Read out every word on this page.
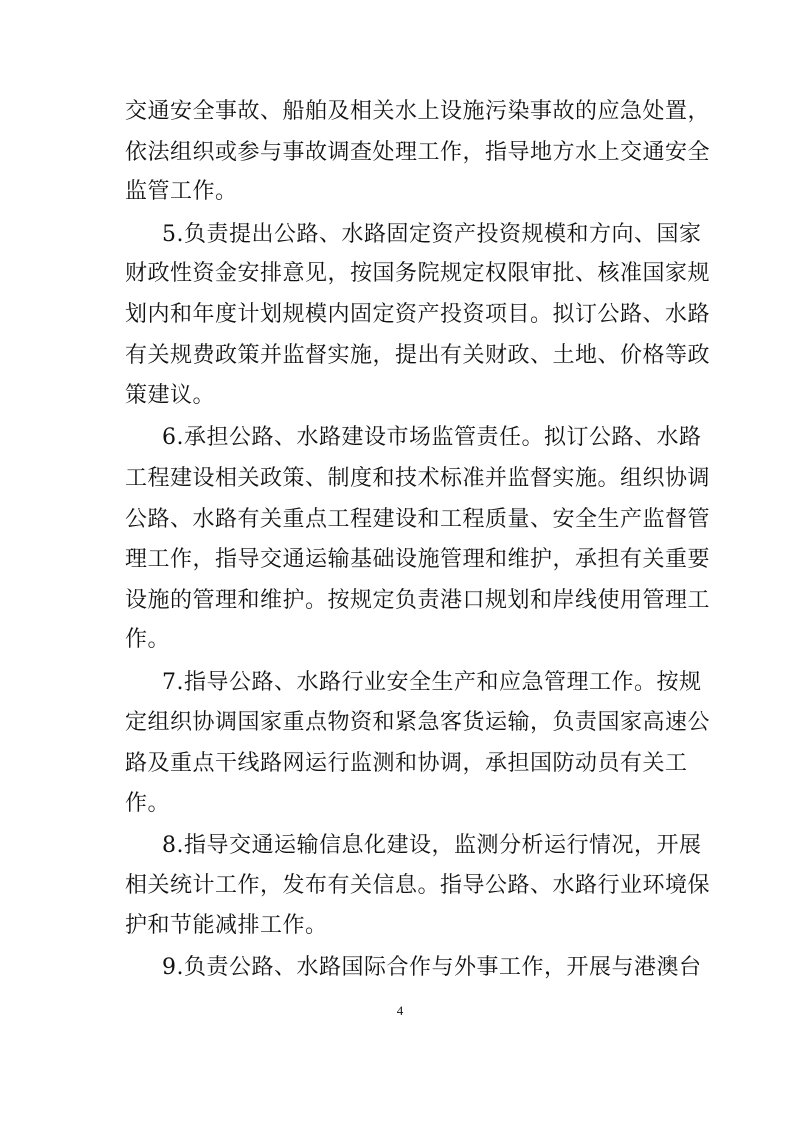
交通安全事故、船舶及相关水上设施污染事故的应急处置，
依法组织或参与事故调查处理工作，指导地方水上交通安全
监管工作。
5.负责提出公路、水路固定资产投资规模和方向、国家
财政性资金安排意见，按国务院规定权限审批、核准国家规
划内和年度计划规模内固定资产投资项目。拟订公路、水路
有关规费政策并监督实施，提出有关财政、土地、价格等政
策建议。
6.承担公路、水路建设市场监管责任。拟订公路、水路
工程建设相关政策、制度和技术标准并监督实施。组织协调
公路、水路有关重点工程建设和工程质量、安全生产监督管
理工作，指导交通运输基础设施管理和维护，承担有关重要
设施的管理和维护。按规定负责港口规划和岸线使用管理工
作。
7.指导公路、水路行业安全生产和应急管理工作。按规
定组织协调国家重点物资和紧急客货运输，负责国家高速公
路及重点干线路网运行监测和协调，承担国防动员有关工
作。
8.指导交通运输信息化建设，监测分析运行情况，开展
相关统计工作，发布有关信息。指导公路、水路行业环境保
护和节能减排工作。
9.负责公路、水路国际合作与外事工作，开展与港澳台
4
